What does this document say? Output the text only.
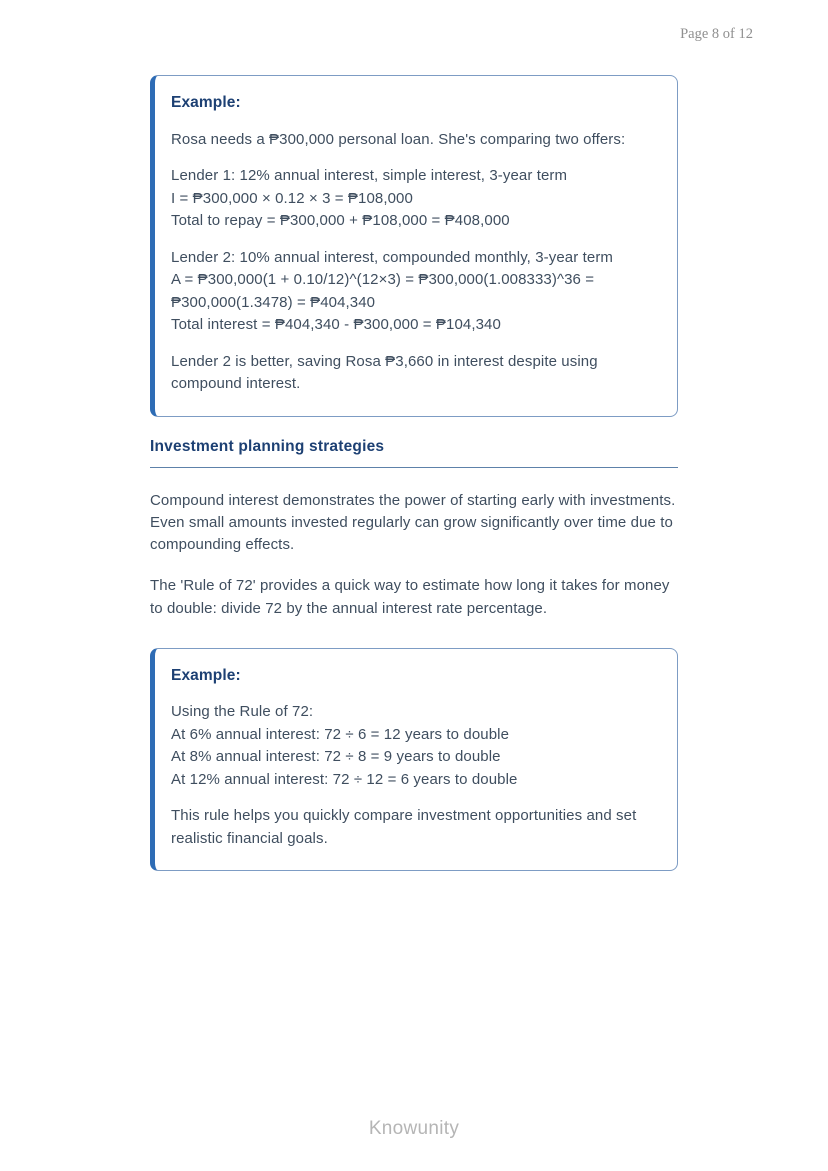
Page 8 of 12
Example:
Rosa needs a ₱300,000 personal loan. She's comparing two offers:
Lender 1: 12% annual interest, simple interest, 3-year term
I = ₱300,000 × 0.12 × 3 = ₱108,000
Total to repay = ₱300,000 + ₱108,000 = ₱408,000
Lender 2: 10% annual interest, compounded monthly, 3-year term
A = ₱300,000(1 + 0.10/12)^(12×3) = ₱300,000(1.008333)^36 = ₱300,000(1.3478) = ₱404,340
Total interest = ₱404,340 - ₱300,000 = ₱104,340
Lender 2 is better, saving Rosa ₱3,660 in interest despite using compound interest.
Investment planning strategies

Compound interest demonstrates the power of starting early with investments. Even small amounts invested regularly can grow significantly over time due to compounding effects.

The 'Rule of 72' provides a quick way to estimate how long it takes for money to double: divide 72 by the annual interest rate percentage.

Example:
Using the Rule of 72:
At 6% annual interest: 72 ÷ 6 = 12 years to double
At 8% annual interest: 72 ÷ 8 = 9 years to double
At 12% annual interest: 72 ÷ 12 = 6 years to double
This rule helps you quickly compare investment opportunities and set realistic financial goals.
Knowunity
